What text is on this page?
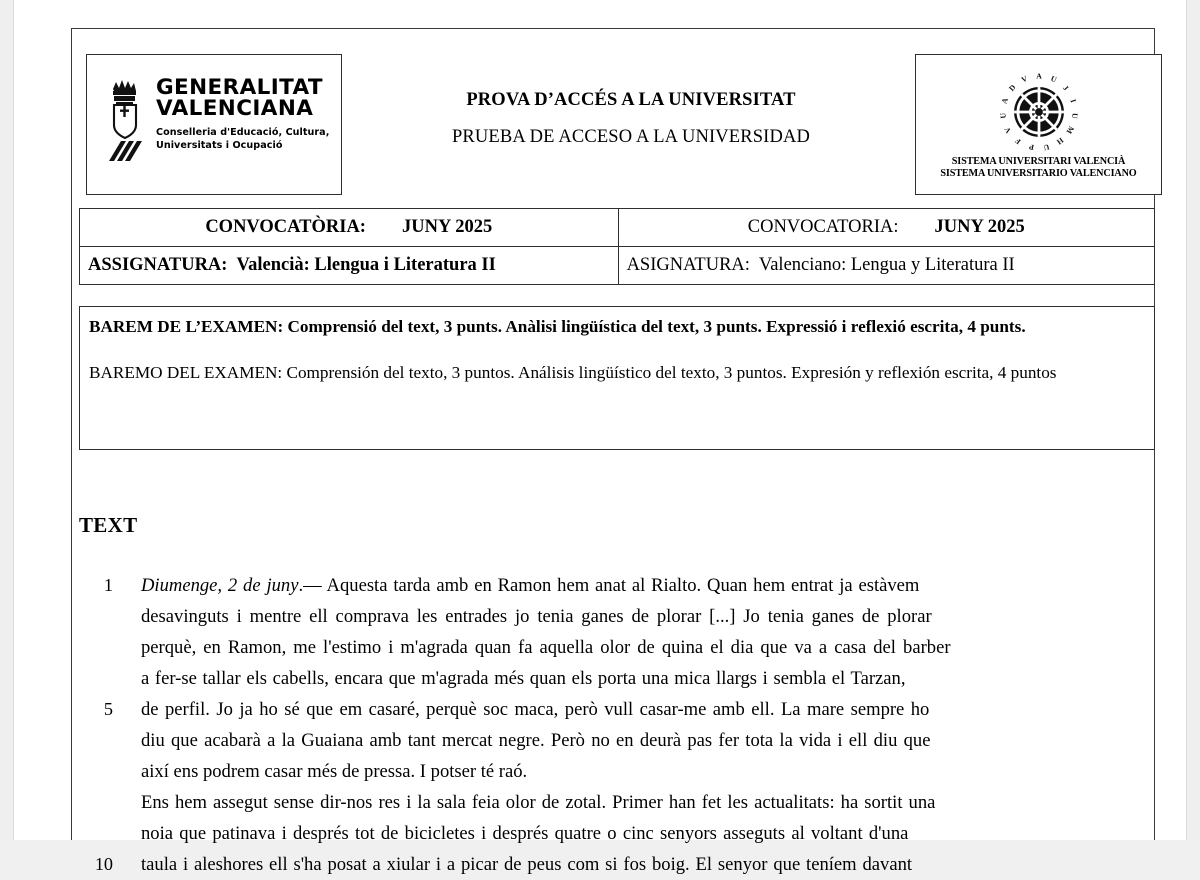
GENERALITAT
VALENCIANA
Conselleria d'Educació, Cultura,
Universitats i Ocupació
PROVA D’ACCÉS A LA UNIVERSITAT
PRUEBA DE ACCESO A LA UNIVERSIDAD
A U
J
I
U
M
H
U
P
F
V
U
A
D
V
SISTEMA UNIVERSITARI VALENCIÀ
SISTEMA UNIVERSITARIO VALENCIANO
CONVOCATÒRIA: JUNY 2025	CONVOCATORIA: JUNY 2025

ASSIGNATURA: Valencià: Llengua i Literatura II	ASIGNATURA: Valenciano: Lengua y Literatura II
BAREM DE L’EXAMEN: Comprensió del text, 3 punts. Anàlisi lingüística del text, 3 punts. Expressió i reflexió escrita, 4 punts.
BAREMO DEL EXAMEN: Comprensión del texto, 3 puntos. Análisis lingüístico del texto, 3 puntos. Expresión y reflexión escrita, 4 puntos
TEXT
1 Diumenge, 2 de juny.— Aquesta tarda amb en Ramon hem anat al Rialto. Quan hem entrat ja estàvem
desavinguts i mentre ell comprava les entrades jo tenia ganes de plorar [...] Jo tenia ganes de plorar
perquè, en Ramon, me l'estimo i m'agrada quan fa aquella olor de quina el dia que va a casa del barber
a fer-se tallar els cabells, encara que m'agrada més quan els porta una mica llargs i sembla el Tarzan,
5 de perfil. Jo ja ho sé que em casaré, perquè soc maca, però vull casar-me amb ell. La mare sempre ho
diu que acabarà a la Guaiana amb tant mercat negre. Però no en deurà pas fer tota la vida i ell diu que
així ens podrem casar més de pressa. I potser té raó.
Ens hem assegut sense dir-nos res i la sala feia olor de zotal. Primer han fet les actualitats: ha sortit una
noia que patinava i després tot de bicicletes i després quatre o cinc senyors asseguts al voltant d'una
10 taula i aleshores ell s'ha posat a xiular i a picar de peus com si fos boig. El senyor que teníem davant
